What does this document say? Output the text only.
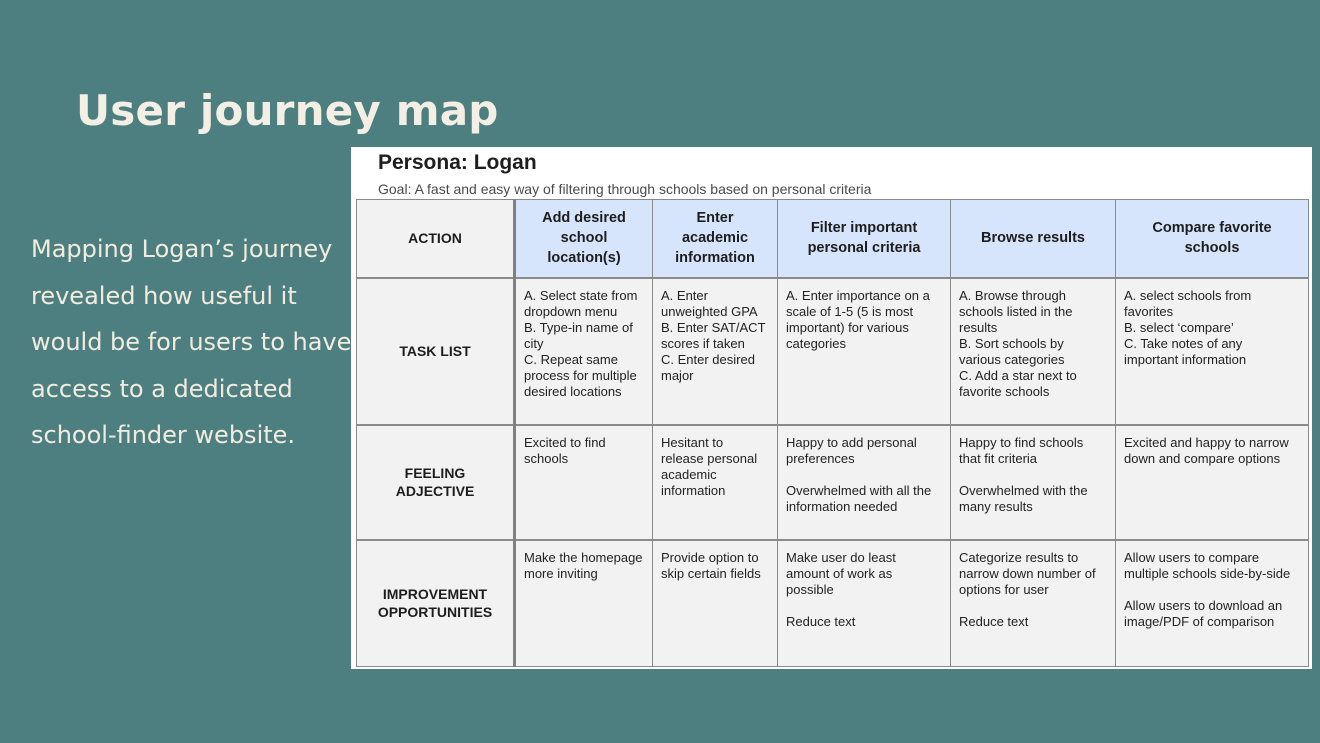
User journey map
Mapping Logan’s journey revealed how useful it would be for users to have access to a dedicated school-finder website.
Persona: Logan
Goal: A fast and easy way of filtering through schools based on personal criteria
ACTION	Add desired school location(s)	Enter academic information	Filter important personal criteria	Browse results	Compare favorite schools
TASK LIST	A. Select state from dropdown menu
B. Type-in name of city
C. Repeat same process for multiple desired locations	A. Enter unweighted GPA
B. Enter SAT/ACT scores if taken
C. Enter desired major	A. Enter importance on a scale of 1-5 (5 is most important) for various categories	A. Browse through schools listed in the results
B. Sort schools by various categories
C. Add a star next to favorite schools	A. select schools from favorites
B. select ‘compare’
C. Take notes of any important information
FEELING ADJECTIVE	Excited to find schools	Hesitant to release personal academic information	Happy to add personal preferences

Overwhelmed with all the information needed	Happy to find schools that fit criteria

Overwhelmed with the many results	Excited and happy to narrow down and compare options
IMPROVEMENT OPPORTUNITIES	Make the homepage more inviting	Provide option to skip certain fields	Make user do least amount of work as possible

Reduce text	Categorize results to narrow down number of options for user

Reduce text	Allow users to compare multiple schools side-by-side

Allow users to download an image/PDF of comparison
